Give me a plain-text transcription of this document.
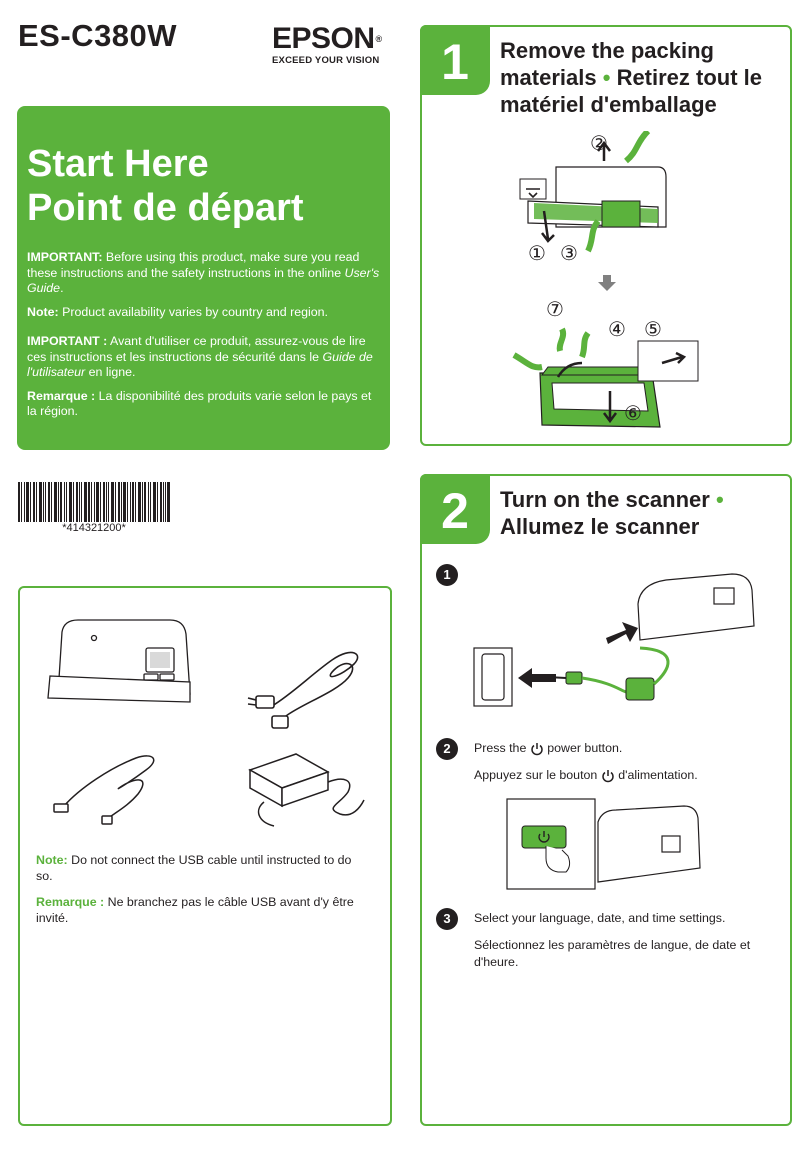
ES-C380W	EPSON®
EXCEED YOUR VISION
Start Here
Point de départ

IMPORTANT: Before using this product, make sure you read these instructions and the safety instructions in the online User's Guide.

Note: Product availability varies by country and region.

IMPORTANT : Avant d'utiliser ce produit, assurez-vous de lire ces instructions et les instructions de sécurité dans le Guide de l'utilisateur en ligne.

Remarque : La disponibilité des produits varie selon le pays et la région.

*414321200*

Note: Do not connect the USB cable until instructed to do so.

Remarque : Ne branchez pas le câble USB avant d'y être invité.

1	Remove the packing materials • Retirez tout le matériel d'emballage
②
① ③
⑦
④ ⑤
⑥
2	Turn on the scanner •
Allumez le scanner
1
2	Press the  power button.

Appuyez sur le bouton  d'alimentation.

3	Select your language, date, and time settings.

Sélectionnez les paramètres de langue, de date et d'heure.
